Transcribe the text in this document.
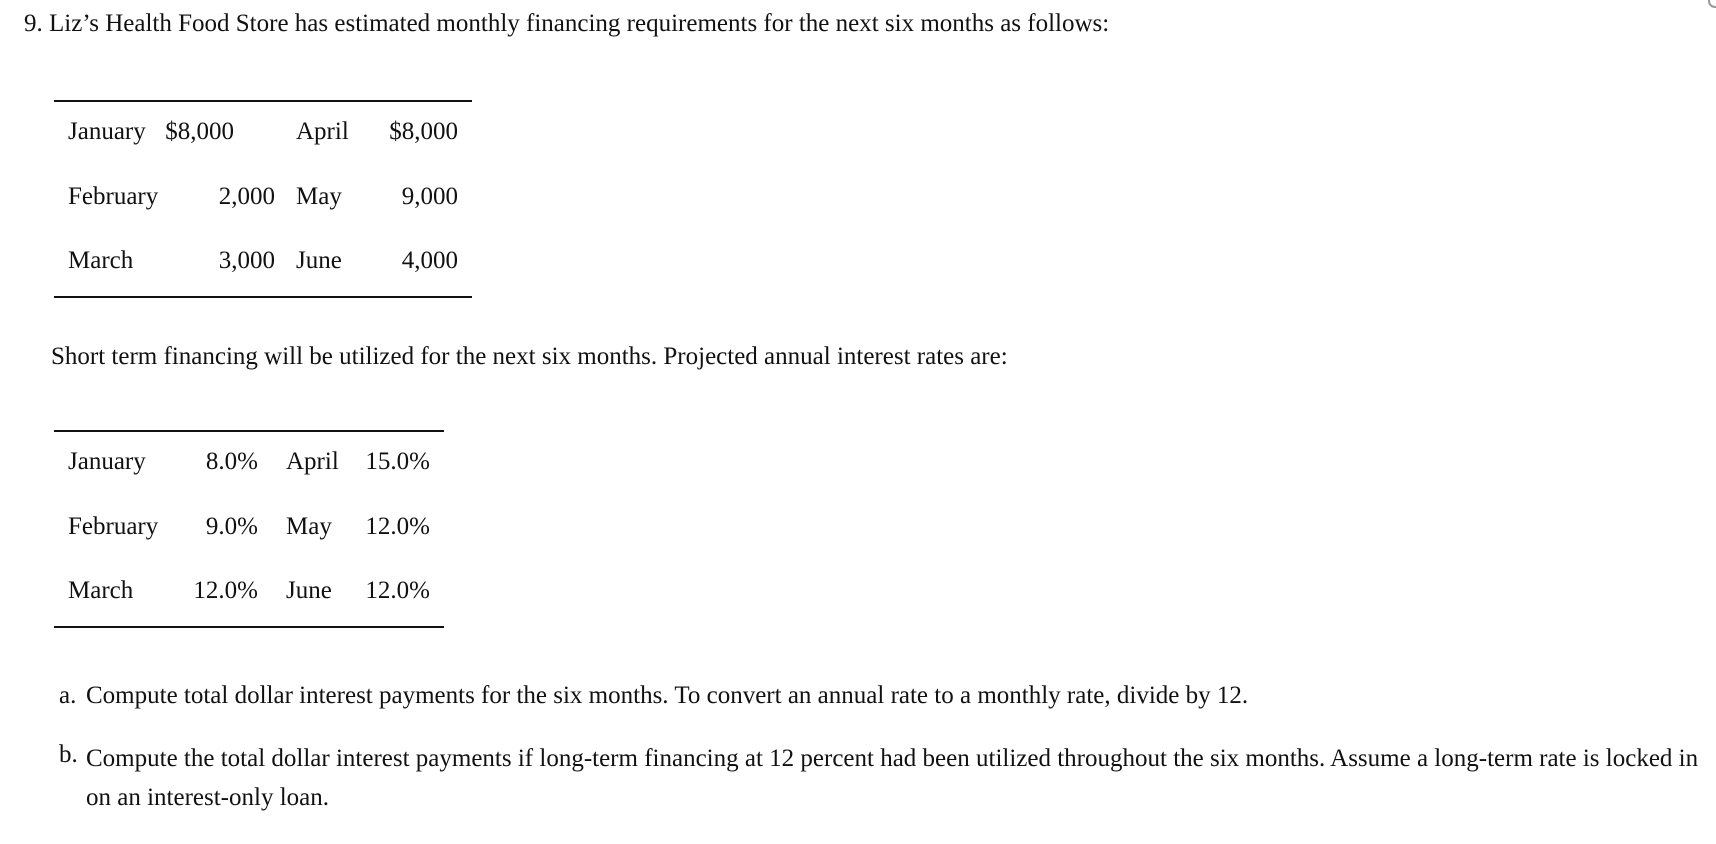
9. Liz’s Health Food Store has estimated monthly financing requirements for the next six months as follows:
January $8,000 April $8,000
February 2,000 May 9,000
March	3,000 June 4,000
Short term financing will be utilized for the next six months. Projected annual interest rates are:
January 8.0% April 15.0%
February 9.0% May 12.0%
March 12.0% June 12.0%
a. Compute total dollar interest payments for the six months. To convert an annual rate to a monthly rate, divide by 12.
b. Compute the total dollar interest payments if long-term financing at 12 percent had been utilized throughout the six months. Assume a long-term rate is locked in on an interest-only loan.
